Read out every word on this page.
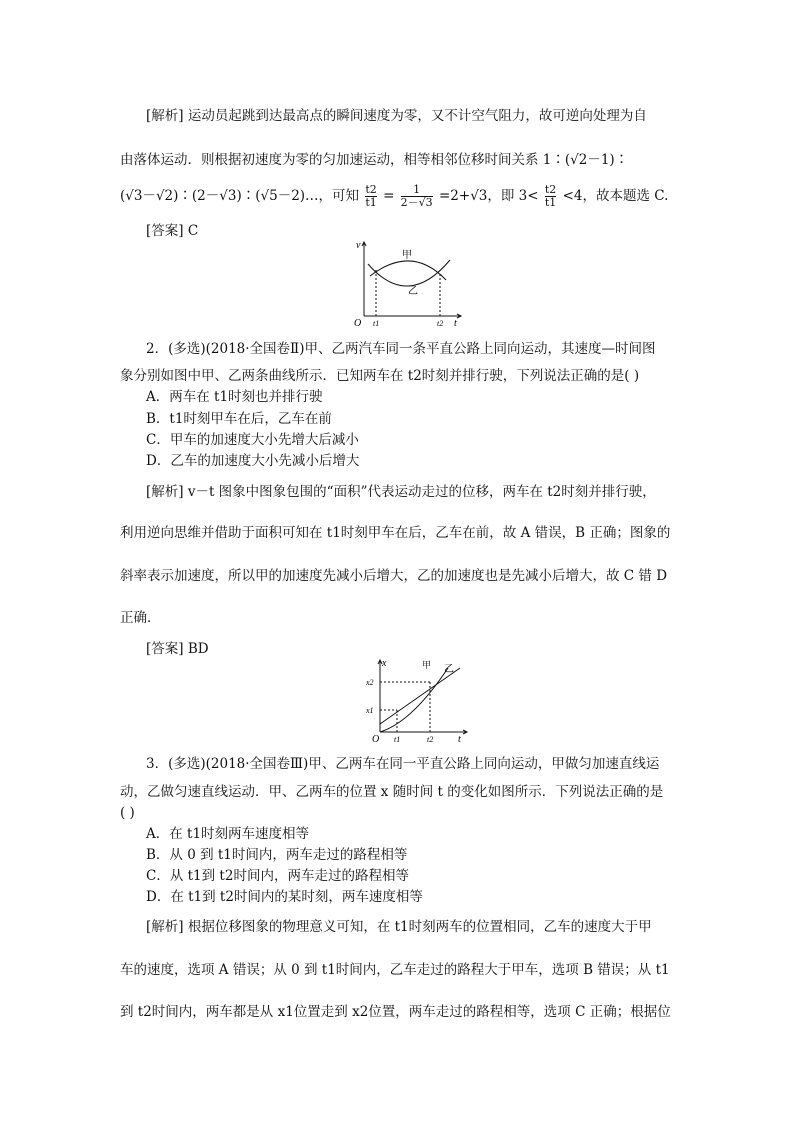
[解析] 运动员起跳到达最高点的瞬间速度为零，又不计空气阻力，故可逆向处理为自
由落体运动．则根据初速度为零的匀加速运动，相等相邻位移时间关系 1∶(√2－1)∶
(√3－√2)∶(2－√3)∶(√5－2)…，可知 $\frac{t2}{t1} = \frac{1}{2-√3} =2+√3$，即 $3< \frac{t2}{t1} <4$，故本题选 C.
[答案] C
v
甲
乙
O t1	t2 t
2．(多选)(2018·全国卷Ⅱ)甲、乙两汽车同一条平直公路上同向运动，其速度—时间图
象分别如图中甲、乙两条曲线所示．已知两车在 t2时刻并排行驶，下列说法正确的是( )
A．两车在 t1时刻也并排行驶
B．t1时刻甲车在后，乙车在前
C．甲车的加速度大小先增大后减小
D．乙车的加速度大小先减小后增大
[解析] v－t 图象中图象包围的“面积”代表运动走过的位移，两车在 t2时刻并排行驶，
利用逆向思维并借助于面积可知在 t1时刻甲车在后，乙车在前，故 A 错误，B 正确；图象的
斜率表示加速度，所以甲的加速度先减小后增大，乙的加速度也是先减小后增大，故 C 错 D
正确．
[答案] BD
x	甲 乙
x2
x1
O t1	t2 t
3．(多选)(2018·全国卷Ⅲ)甲、乙两车在同一平直公路上同向运动，甲做匀加速直线运
动，乙做匀速直线运动．甲、乙两车的位置 x 随时间 t 的变化如图所示．下列说法正确的是
( )
A．在 t1时刻两车速度相等
B．从 0 到 t1时间内，两车走过的路程相等
C．从 t1到 t2时间内，两车走过的路程相等
D．在 t1到 t2时间内的某时刻，两车速度相等
[解析] 根据位移图象的物理意义可知，在 t1时刻两车的位置相同，乙车的速度大于甲
车的速度，选项 A 错误；从 0 到 t1时间内，乙车走过的路程大于甲车，选项 B 错误；从 t1
到 t2时间内，两车都是从 x1位置走到 x2位置，两车走过的路程相等，选项 C 正确；根据位
